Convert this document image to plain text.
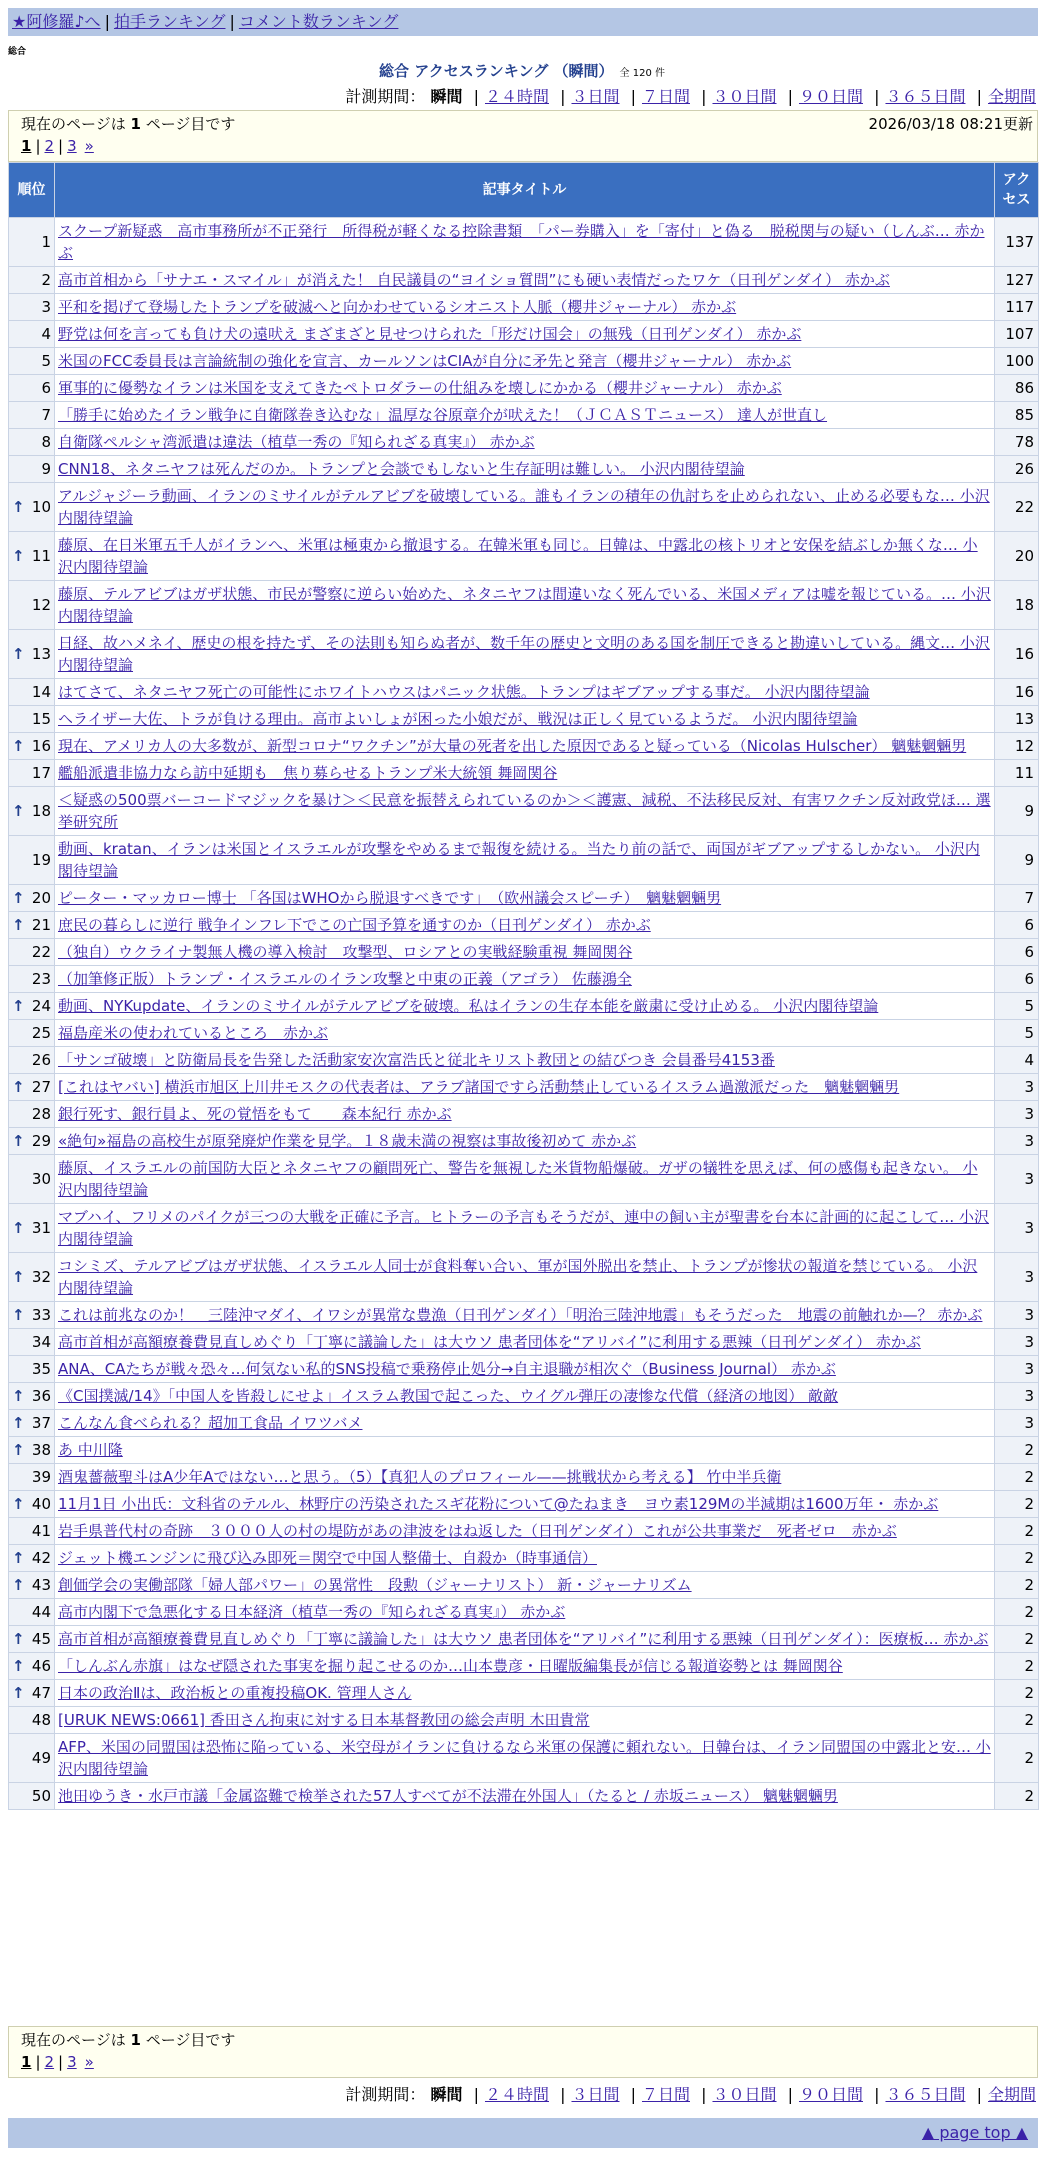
★阿修羅♪へ | 拍手ランキング | コメント数ランキング
総合
総合 アクセスランキング （瞬間） 全 120 件
計測期間： 瞬間 | ２４時間 | ３日間 | ７日間 | ３０日間 | ９０日間 | ３６５日間 | 全期間
現在のページは 1 ページ目です	2026/03/18 08:21更新
1 | 2 | 3 »
順位	記事タイトル	アクセス
1	スクープ新疑惑　高市事務所が不正発行　所得税が軽くなる控除書類　「パー券購入」を「寄付」と偽る　脱税関与の疑い（しんぶ… 赤かぶ	137
2	高市首相から「サナエ・スマイル」が消えた！ 自民議員の“ヨイショ質問”にも硬い表情だったワケ（日刊ゲンダイ） 赤かぶ	127
3	平和を掲げて登場したトランプを破滅へと向かわせているシオニスト人脈（櫻井ジャーナル） 赤かぶ	117
4	野党は何を言っても負け犬の遠吠え まざまざと見せつけられた「形だけ国会」の無残（日刊ゲンダイ） 赤かぶ	107
5	米国のFCC委員長は言論統制の強化を宣言、カールソンはCIAが自分に矛先と発言（櫻井ジャーナル） 赤かぶ	100
6	軍事的に優勢なイランは米国を支えてきたペトロダラーの仕組みを壊しにかかる（櫻井ジャーナル） 赤かぶ	86
7	「勝手に始めたイラン戦争に自衛隊巻き込むな」温厚な谷原章介が吠えた！（ＪＣＡＳＴニュース） 達人が世直し	85
8	自衛隊ペルシャ湾派遣は違法（植草一秀の『知られざる真実』） 赤かぶ	78
9	CNN18、ネタニヤフは死んだのか。トランプと会談でもしないと生存証明は難しい。 小沢内閣待望論	26

↑ 10	アルジャジーラ動画、イランのミサイルがテルアビブを破壊している。誰もイランの積年の仇討ちを止められない、止める必要もな… 小沢内閣待望論	22

↑ 11	藤原、在日米軍五千人がイランへ、米軍は極東から撤退する。在韓米軍も同じ。日韓は、中露北の核トリオと安保を結ぶしか無くな… 小沢内閣待望論	20
12	藤原、テルアビブはガザ状態、市民が警察に逆らい始めた、ネタニヤフは間違いなく死んでいる、米国メディアは嘘を報じている。… 小沢内閣待望論	18

↑ 13	日経、故ハメネイ、歴史の根を持たず、その法則も知らぬ者が、数千年の歴史と文明のある国を制圧できると勘違いしている。縄文… 小沢内閣待望論	16
14	はてさて、ネタニヤフ死亡の可能性にホワイトハウスはパニック状態。トランプはギブアップする事だ。 小沢内閣待望論	16
15	ヘライザー大佐、トラが負ける理由。高市よいしょが困った小娘だが、戦況は正しく見ているようだ。 小沢内閣待望論	13

↑ 16	現在、アメリカ人の大多数が、新型コロナ“ワクチン”が大量の死者を出した原因であると疑っている（Nicolas Hulscher） 魑魅魍魎男	12
17	艦船派遣非協力なら訪中延期も　焦り募らせるトランプ米大統領 舞岡関谷	11

↑ 18	＜疑惑の500票バーコードマジックを暴け＞＜民意を振替えられているのか＞＜護憲、減税、不法移民反対、有害ワクチン反対政党ほ… 選挙研究所	9
19	動画、kratan、イランは米国とイスラエルが攻撃をやめるまで報復を続ける。当たり前の話で、両国がギブアップするしかない。 小沢内閣待望論	9

↑ 20	ピーター・マッカロー博士 「各国はWHOから脱退すべきです」　（欧州議会スピーチ）　魑魅魍魎男	7

↑ 21	庶民の暮らしに逆行 戦争インフレ下でこの亡国予算を通すのか（日刊ゲンダイ） 赤かぶ	6
22	（独自）ウクライナ製無人機の導入検討　攻撃型、ロシアとの実戦経験重視 舞岡関谷	6
23	（加筆修正版）トランプ・イスラエルのイラン攻撃と中東の正義（アゴラ） 佐藤鴻全	6

↑ 24	動画、NYKupdate、イランのミサイルがテルアビブを破壊。私はイランの生存本能を厳粛に受け止める。 小沢内閣待望論	5
25	福島産米の使われているところ　赤かぶ	5
26	「サンゴ破壊」と防衛局長を告発した活動家安次富浩氏と従北キリスト教団との結びつき 会員番号4153番	4

↑ 27	[これはヤバい] 横浜市旭区上川井モスクの代表者は、アラブ諸国ですら活動禁止しているイスラム過激派だった　魑魅魍魎男	3
28	銀行死す、銀行員よ、死の覚悟をもて　　森本紀行 赤かぶ	3

↑ 29	«絶句»福島の高校生が原発廃炉作業を見学。１８歳未満の視察は事故後初めて 赤かぶ	3
30	藤原、イスラエルの前国防大臣とネタニヤフの顧問死亡、警告を無視した米貨物船爆破。ガザの犠牲を思えば、何の感傷も起きない。 小沢内閣待望論	3

↑ 31	マブハイ、フリメのパイクが三つの大戦を正確に予言。ヒトラーの予言もそうだが、連中の飼い主が聖書を台本に計画的に起こして… 小沢内閣待望論	3

↑ 32	コシミズ、テルアビブはガザ状態、イスラエル人同士が食料奪い合い、軍が国外脱出を禁止、トランプが惨状の報道を禁じている。 小沢内閣待望論	3

↑ 33	これは前兆なのか！　三陸沖マダイ、イワシが異常な豊漁（日刊ゲンダイ）「明治三陸沖地震」もそうだった　地震の前触れか—？ 赤かぶ	3
34	高市首相が高額療養費見直しめぐり「丁寧に議論した」は大ウソ 患者団体を“アリバイ”に利用する悪辣（日刊ゲンダイ） 赤かぶ	3
35	ANA、CAたちが戦々恐々…何気ない私的SNS投稿で乗務停止処分→自主退職が相次ぐ（Business Journal） 赤かぶ	3

↑ 36	《C国撲滅/14》「中国人を皆殺しにせよ」イスラム教国で起こった、ウイグル弾圧の凄惨な代償（経済の地図） 敵敵	3

↑ 37	こんなん食べられる？超加工食品 イワツバメ	3

↑ 38	あ 中川隆	2
39	酒鬼薔薇聖斗はA少年Aではない…と思う。（5）【真犯人のプロフィール——挑戦状から考える】 竹中半兵衛	2

↑ 40	11月1日 小出氏：文科省のテルル、林野庁の汚染されたスギ花粉について@たねまき　ヨウ素129Mの半減期は1600万年・ 赤かぶ	2
41	岩手県普代村の奇跡　３０００人の村の堤防があの津波をはね返した（日刊ゲンダイ）これが公共事業だ　死者ゼロ　赤かぶ	2

↑ 42	ジェット機エンジンに飛び込み即死＝関空で中国人整備士、自殺か（時事通信）	2

↑ 43	創価学会の実働部隊「婦人部パワー」の異常性　段勲（ジャーナリスト） 新・ジャーナリズム	2
44	高市内閣下で急悪化する日本経済（植草一秀の『知られざる真実』） 赤かぶ	2

↑ 45	高市首相が高額療養費見直しめぐり「丁寧に議論した」は大ウソ 患者団体を“アリバイ”に利用する悪辣（日刊ゲンダイ）：医療板… 赤かぶ	2

↑ 46	「しんぶん赤旗」はなぜ隠された事実を掘り起こせるのか…山本豊彦・日曜版編集長が信じる報道姿勢とは 舞岡関谷	2

↑ 47	日本の政治Ⅱは、政治板との重複投稿OK. 管理人さん	2
48	[URUK NEWS:0661] 香田さん拘束に対する日本基督教団の総会声明 木田貴常	2
49	AFP、米国の同盟国は恐怖に陥っている、米空母がイランに負けるなら米軍の保護に頼れない。日韓台は、イラン同盟国の中露北と安… 小沢内閣待望論	2
50	池田ゆうき・水戸市議「金属盗難で検挙された57人すべてが不法滞在外国人」（たると / 赤坂ニュース） 魑魅魍魎男	2
現在のページは 1 ページ目です
1 | 2 | 3 »
計測期間： 瞬間 | ２４時間 | ３日間 | ７日間 | ３０日間 | ９０日間 | ３６５日間 | 全期間
▲ page top ▲
